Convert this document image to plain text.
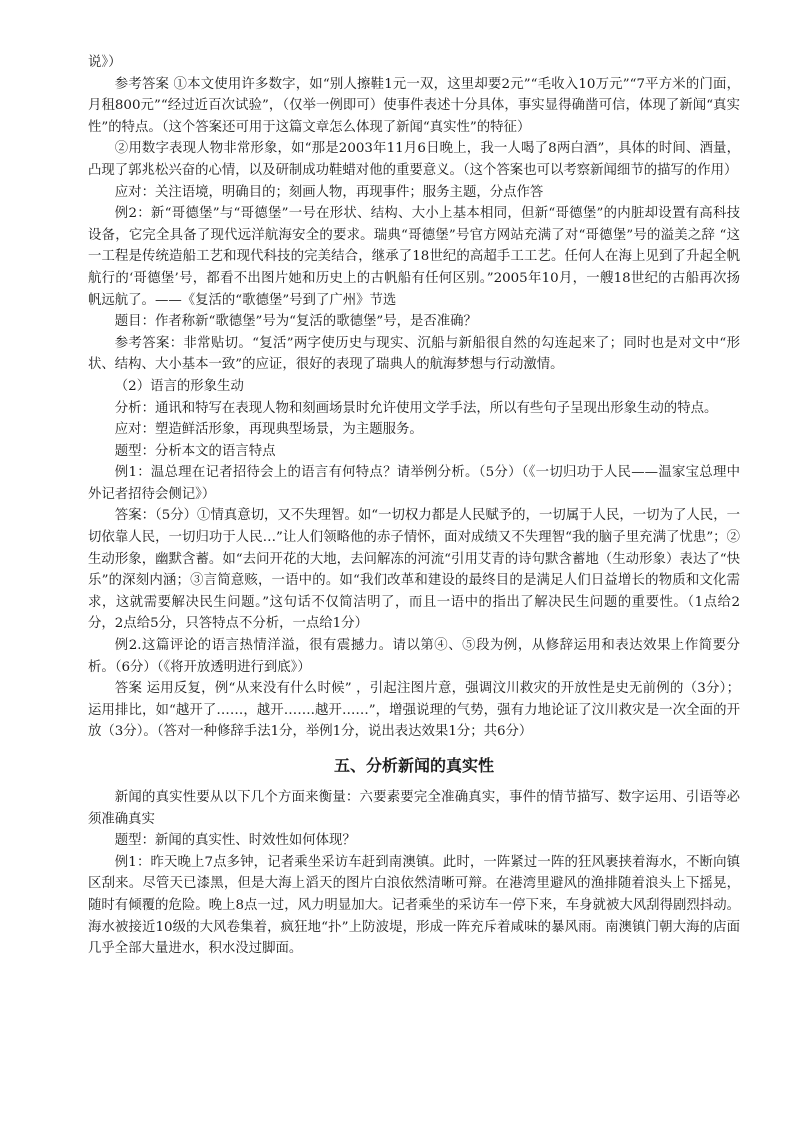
说》）

参考答案 ①本文使用许多数字，如“别人擦鞋1元一双，这里却要2元”“毛收入10万元”“7平方米的门面，月租800元”“经过近百次试验”，（仅举一例即可）使事件表述十分具体，事实显得确凿可信，体现了新闻“真实性”的特点。（这个答案还可用于这篇文章怎么体现了新闻“真实性”的特征）

②用数字表现人物非常形象，如“那是2003年11月6日晚上，我一人喝了8两白酒”，具体的时间、酒量，凸现了郭兆松兴奋的心情，以及研制成功鞋蜡对他的重要意义。（这个答案也可以考察新闻细节的描写的作用）

应对：关注语境，明确目的；刻画人物，再现事件；服务主题，分点作答

例2：新“哥德堡”与“哥德堡”一号在形状、结构、大小上基本相同，但新“哥德堡”的内脏却设置有高科技设备，它完全具备了现代远洋航海安全的要求。瑞典“哥德堡”号官方网站充满了对“哥德堡”号的溢美之辞 “这一工程是传统造船工艺和现代科技的完美结合，继承了18世纪的高超手工工艺。任何人在海上见到了升起全帆航行的‘哥德堡’号，都看不出图片她和历史上的古帆船有任何区别。”2005年10月，一艘18世纪的古船再次扬帆远航了。——《复活的“歌德堡”号到了广州》节选

题目：作者称新“歌德堡”号为“复活的歌德堡”号，是否准确？

参考答案：非常贴切。“复活”两字使历史与现实、沉船与新船很自然的勾连起来了；同时也是对文中“形状、结构、大小基本一致”的应证，很好的表现了瑞典人的航海梦想与行动激情。

（2）语言的形象生动

分析：通讯和特写在表现人物和刻画场景时允许使用文学手法，所以有些句子呈现出形象生动的特点。

应对：塑造鲜活形象，再现典型场景，为主题服务。

题型：分析本文的语言特点

例1：温总理在记者招待会上的语言有何特点？请举例分析。（5分）（《一切归功于人民——温家宝总理中外记者招待会侧记》）

答案：（5分）①情真意切，又不失理智。如“一切权力都是人民赋予的，一切属于人民，一切为了人民，一切依靠人民，一切归功于人民…”让人们领略他的赤子情怀，面对成绩又不失理智“我的脑子里充满了忧患”；②生动形象，幽默含蓄。如“去问开花的大地，去问解冻的河流“引用艾青的诗句默含蓄地（生动形象）表达了“快乐”的深刻内涵；③言简意赅，一语中的。如“我们改革和建设的最终目的是满足人们日益增长的物质和文化需求，这就需要解决民生问题。”这句话不仅简洁明了，而且一语中的指出了解决民生问题的重要性。（1点给2分，2点给5分，只答特点不分析，一点给1分）

例2.这篇评论的语言热情洋溢，很有震撼力。请以第④、⑤段为例，从修辞运用和表达效果上作简要分析。（6分）（《将开放透明进行到底》）

答案 运用反复，例“从来没有什么时候” ，引起注图片意，强调汶川救灾的开放性是史无前例的（3分）；运用排比，如“越开了……，越开…….越开……”，增强说理的气势，强有力地论证了汶川救灾是一次全面的开放（3分）。（答对一种修辞手法1分，举例1分，说出表达效果1分；共6分）

五、分析新闻的真实性

新闻的真实性要从以下几个方面来衡量：六要素要完全准确真实，事件的情节描写、数字运用、引语等必须准确真实

题型：新闻的真实性、时效性如何体现？

例1：昨天晚上7点多钟，记者乘坐采访车赶到南澳镇。此时，一阵紧过一阵的狂风裹挟着海水，不断向镇区刮来。尽管天已漆黑，但是大海上滔天的图片白浪依然清晰可辩。在港湾里避风的渔排随着浪头上下摇晃，随时有倾覆的危险。晚上8点一过，风力明显加大。记者乘坐的采访车一停下来，车身就被大风刮得剧烈抖动。海水被接近10级的大风卷集着，疯狂地“扑”上防波堤，形成一阵充斥着咸味的暴风雨。南澳镇门朝大海的店面几乎全部大量进水，积水没过脚面。
